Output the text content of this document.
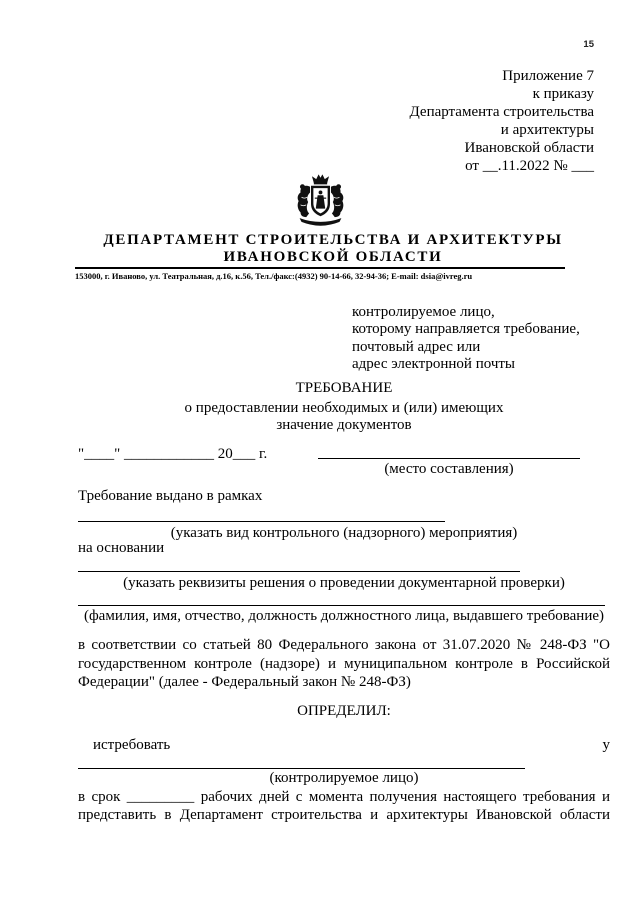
15
Приложение 7
к приказу
Департамента строительства
и архитектуры
Ивановской области
от __.11.2022 № ___
ДЕПАРТАМЕНТ СТРОИТЕЛЬСТВА И АРХИТЕКТУРЫ
ИВАНОВСКОЙ ОБЛАСТИ
153000, г. Иваново, ул. Театральная, д.16, к.56, Тел./факс:(4932) 90-14-66, 32-94-36; E-mail: dsia@ivreg.ru
контролируемое лицо,
которому направляется требование,
почтовый адрес или
адрес электронной почты
ТРЕБОВАНИЕ
о предоставлении необходимых и (или) имеющих
значение документов
"____" ____________ 20___ г.
(место составления)
Требование выдано в рамках
(указать вид контрольного (надзорного) мероприятия)
на основании
(указать реквизиты решения о проведении документарной проверки)
(фамилия, имя, отчество, должность должностного лица, выдавшего требование)
в соответствии со статьей 80 Федерального закона от 31.07.2020 № 248-ФЗ "О
государственном контроле (надзоре) и муниципальном контроле в Российской
Федерации" (далее - Федеральный закон № 248-ФЗ)
ОПРЕДЕЛИЛ:
истребовать у
(контролируемое лицо)
в срок _________ рабочих дней с момента получения настоящего требования и
представить в Департамент строительства и архитектуры Ивановской области
